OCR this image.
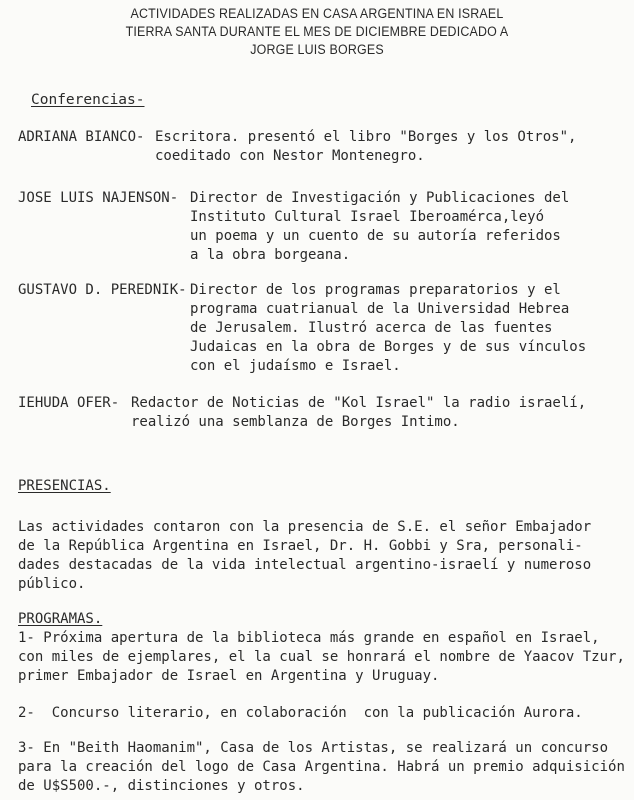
ACTIVIDADES REALIZADAS EN CASA ARGENTINA EN ISRAEL
TIERRA SANTA DURANTE EL MES DE DICIEMBRE DEDICADO A
JORGE LUIS BORGES
Conferencias-
ADRIANA BIANCO- Escritora. presentó el libro "Borges y los Otros",
coeditado con Nestor Montenegro.
JOSE LUIS NAJENSON- Director de Investigación y Publicaciones del
Instituto Cultural Israel Iberoamérca,leyó
un poema y un cuento de su autoría referidos
a la obra borgeana.
GUSTAVO D. PEREDNIK- Director de los programas preparatorios y el
programa cuatrianual de la Universidad Hebrea
de Jerusalem. Ilustró acerca de las fuentes
Judaicas en la obra de Borges y de sus vínculos
con el judaísmo e Israel.
IEHUDA OFER- Redactor de Noticias de "Kol Israel" la radio israelí,
realizó una semblanza de Borges Intimo.
PRESENCIAS.
Las actividades contaron con la presencia de S.E. el señor Embajador
de la República Argentina en Israel, Dr. H. Gobbi y Sra, personali-
dades destacadas de la vida intelectual argentino-israelí y numeroso
público.
PROGRAMAS.
1- Próxima apertura de la biblioteca más grande en español en Israel,
con miles de ejemplares, el la cual se honrará el nombre de Yaacov Tzur,
primer Embajador de Israel en Argentina y Uruguay.
2-  Concurso literario, en colaboración  con la publicación Aurora.
3- En "Beith Haomanim", Casa de los Artistas, se realizará un concurso
para la creación del logo de Casa Argentina. Habrá un premio adquisición
de U$S500.-, distinciones y otros.
